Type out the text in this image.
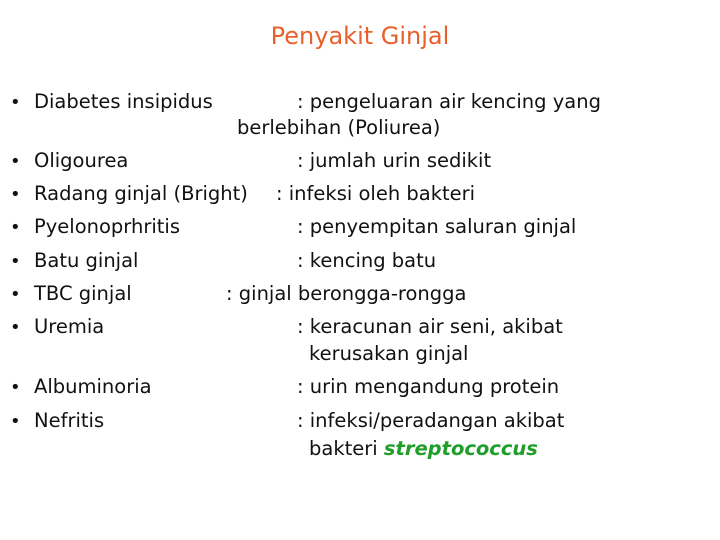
Penyakit Ginjal
• Diabetes insipidus	: pengeluaran air kencing yang
berlebihan (Poliurea)
• Oligourea	: jumlah urin sedikit
• Radang ginjal (Bright) : infeksi oleh bakteri
• Pyelonoprhritis	: penyempitan saluran ginjal
• Batu ginjal	: kencing batu
• TBC ginjal	: ginjal berongga-rongga
• Uremia	: keracunan air seni, akibat
kerusakan ginjal
• Albuminoria	: urin mengandung protein
• Nefritis	: infeksi/peradangan akibat
bakteri streptococcus
